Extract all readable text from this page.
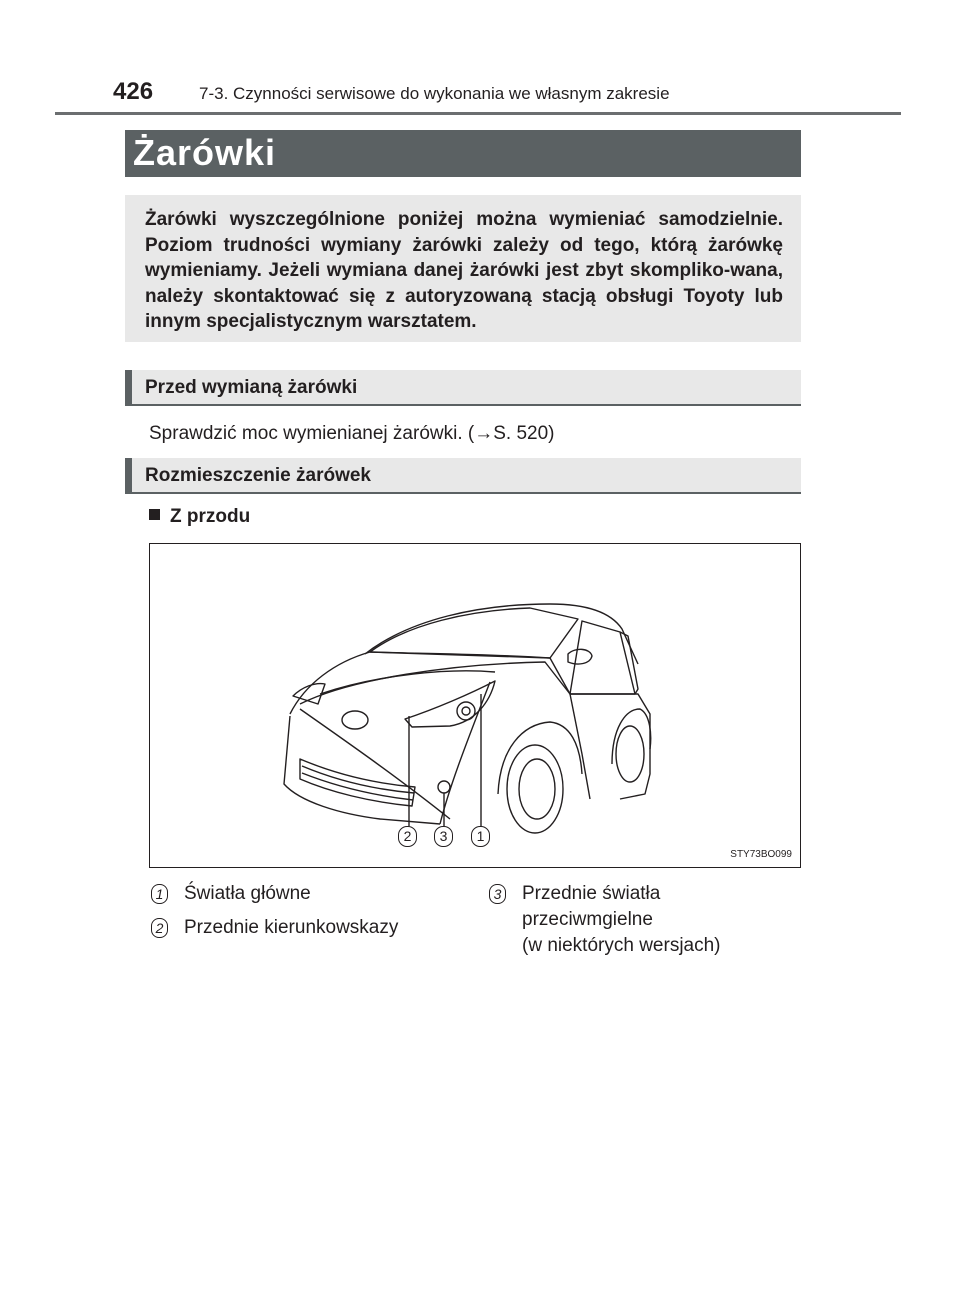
426	7-3. Czynności serwisowe do wykonania we własnym zakresie
Żarówki
Żarówki wyszczególnione poniżej można wymieniać samodzielnie. Poziom trudności wymiany żarówki zależy od tego, którą żarówkę wymieniamy. Jeżeli wymiana danej żarówki jest zbyt skompliko-wana, należy skontaktować się z autoryzowaną stacją obsługi Toyoty lub innym specjalistycznym warsztatem.
Przed wymianą żarówki
Sprawdzić moc wymienianej żarówki. (→S. 520)
Rozmieszczenie żarówek
Z przodu
2	3	1
STY73BO099
1 Światła główne
2 Przednie kierunkowskazy
3 Przednie światła
przeciwmgielne
(w niektórych wersjach)
